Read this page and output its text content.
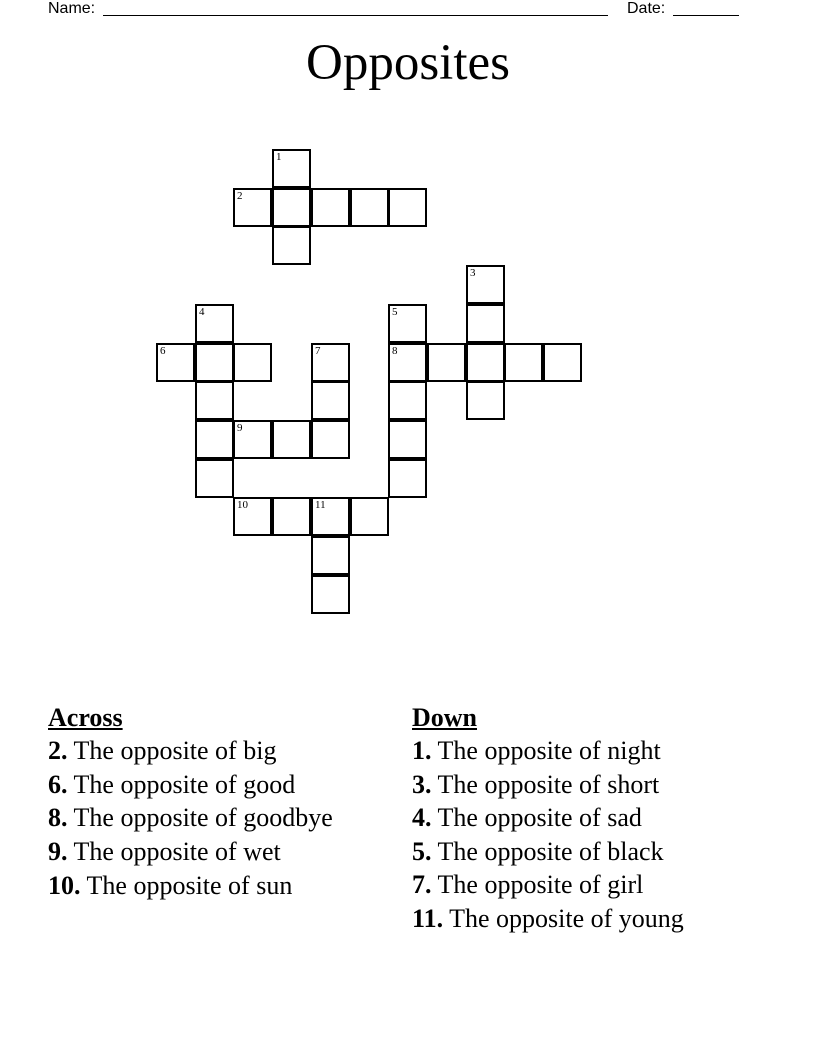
Name:	Date:
Opposites
1
2
3
4	5
6	7	8
9
10	11
Across
2. The opposite of big
6. The opposite of good
8. The opposite of goodbye
9. The opposite of wet
10. The opposite of sun
Down
1. The opposite of night
3. The opposite of short
4. The opposite of sad
5. The opposite of black
7. The opposite of girl
11. The opposite of young
